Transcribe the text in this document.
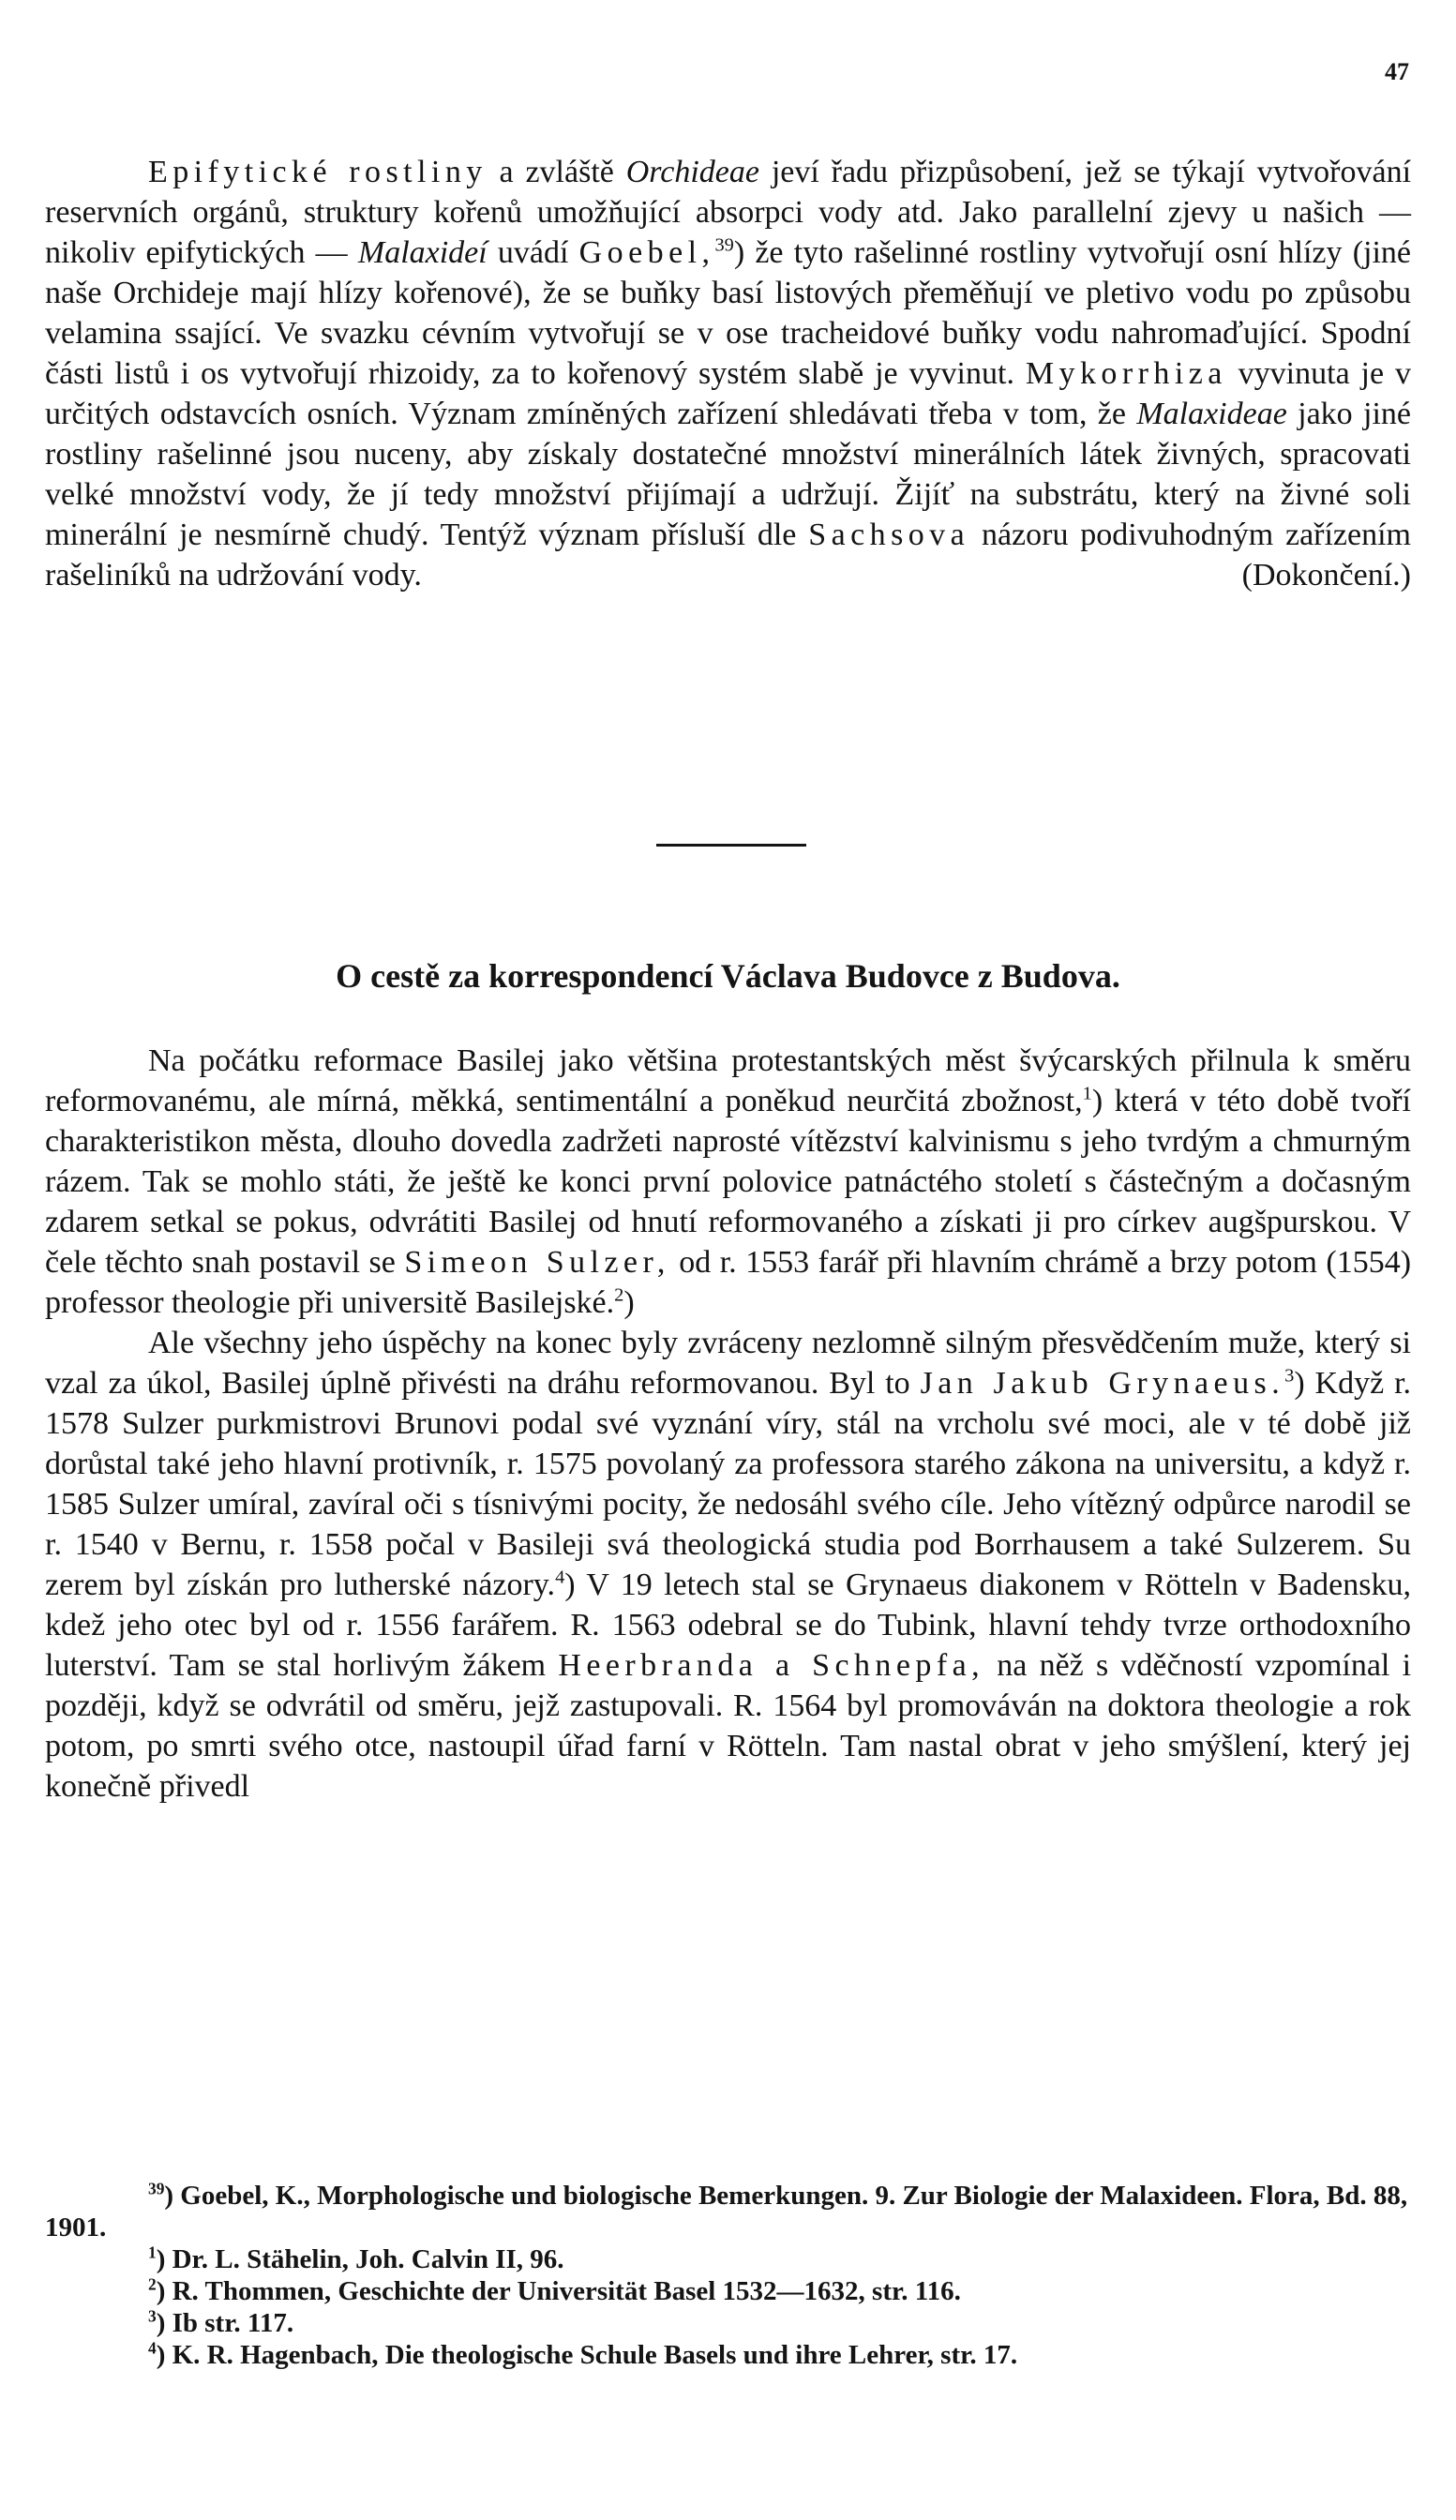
47

Epifytické rostliny a zvláště Orchideae jeví řadu přizpůsobení, jež se týkají vytvořování reservních orgánů, struktury kořenů umožňující absorpci vody atd. Jako parallelní zjevy u našich — nikoliv epifytických — Malaxideí uvádí Goebel,$^{39}$) že tyto rašelinné rostliny vytvořují osní hlízy (jiné naše Orchideje mají hlízy kořenové), že se buňky basí listových přeměňují ve pletivo vodu po způsobu velamina ssající. Ve svazku cévním vytvořují se v ose tracheidové buňky vodu nahromaďující. Spodní části listů i os vytvořují rhizoidy, za to kořenový systém slabě je vyvinut. Mykorrhiza vyvinuta je v určitých odstavcích osních. Význam zmíněných zařízení shledávati třeba v tom, že Malaxideae jako jiné rostliny rašelinné jsou nuceny, aby získaly dostatečné množství minerálních látek živných, spracovati velké množství vody, že jí tedy množství přijímají a udržují. Žijíť na substrátu, který na živné soli minerální je nesmírně chudý. Tentýž význam přísluší dle Sachsova názoru podivuhodným zařízením rašeliníků na udržování vody.	(Dokončení.)

O cestě za korrespondencí Václava Budovce z Budova.

Na počátku reformace Basilej jako většina protestantských měst švýcarských přilnula k směru reformovanému, ale mírná, měkká, sentimentální a poněkud neurčitá zbožnost,$^1$) která v této době tvoří charakteristikon města, dlouho dovedla zadržeti naprosté vítězství kalvinismu s jeho tvrdým a chmurným rázem. Tak se mohlo státi, že ještě ke konci první polovice patnáctého století s částečným a dočasným zdarem setkal se pokus, odvrátiti Basilej od hnutí reformovaného a získati ji pro církev augšpurskou. V čele těchto snah postavil se Simeon Sulzer, od r. 1553 farář při hlavním chrámě a brzy potom (1554) professor theologie při universitě Basilejské.$^2$)

Ale všechny jeho úspěchy na konec byly zvráceny nezlomně silným přesvědčením muže, který si vzal za úkol, Basilej úplně přivésti na dráhu reformovanou. Byl to Jan Jakub Grynaeus.$^3$) Když r. 1578 Sulzer purkmistrovi Brunovi podal své vyznání víry, stál na vrcholu své moci, ale v té době již dorůstal také jeho hlavní protivník, r. 1575 povolaný za professora starého zákona na universitu, a když r. 1585 Sulzer umíral, zavíral oči s tísnivými pocity, že nedosáhl svého cíle. Jeho vítězný odpůrce narodil se r. 1540 v Bernu, r. 1558 počal v Basileji svá theologická studia pod Borrhausem a také Sulzerem. Su zerem byl získán pro lutherské názory.$^4$) V 19 letech stal se Grynaeus diakonem v Rötteln v Badensku, kdež jeho otec byl od r. 1556 farářem. R. 1563 odebral se do Tubink, hlavní tehdy tvrze orthodoxního luterství. Tam se stal horlivým žákem Heerbranda a Schnepfa, na něž s vděčností vzpomínal i později, když se odvrátil od směru, jejž zastupovali. R. 1564 byl promováván na doktora theologie a rok potom, po smrti svého otce, nastoupil úřad farní v Rötteln. Tam nastal obrat v jeho smýšlení, který jej konečně přivedl

$^{39}$) Goebel, K., Morphologische und biologische Bemerkungen. 9. Zur Biologie der Malaxideen. Flora, Bd. 88, 1901.

$^1$) Dr. L. Stähelin, Joh. Calvin II, 96.

$^2$) R. Thommen, Geschichte der Universität Basel 1532—1632, str. 116.

$^3$) Ib str. 117.

$^4$) K. R. Hagenbach, Die theologische Schule Basels und ihre Lehrer, str. 17.
